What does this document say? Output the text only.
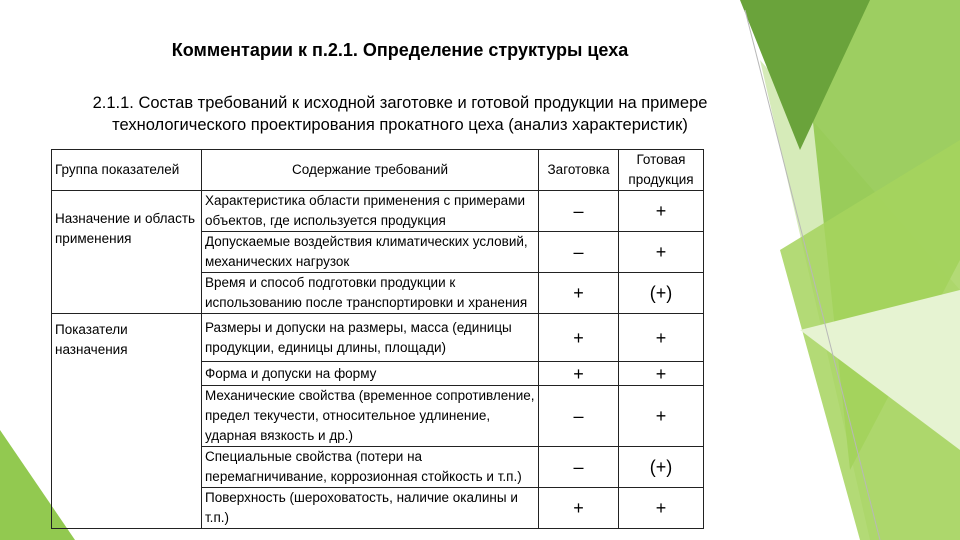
Комментарии к п.2.1. Определение структуры цеха
2.1.1. Состав требований к исходной заготовке и готовой продукции на примере технологического проектирования прокатного цеха (анализ характеристик)
Группа показателей	Содержание требований	Заготовка	Готовая продукция
Назначение и область применения	Характеристика области применения с примерами объектов, где используется продукция	–	+
	Допускаемые воздействия климатических условий, механических нагрузок	–	+
	Время и способ подготовки продукции к использованию после транспортировки и хранения	+	(+)
Показатели назначения	Размеры и допуски на размеры, масса (единицы продукции, единицы длины, площади)	+	+
	Форма и допуски на форму	+	+
	Механические свойства (временное сопротивление, предел текучести, относительное удлинение, ударная вязкость и др.)	–	+
	Специальные свойства (потери на перемагничивание, коррозионная стойкость и т.п.)	–	(+)
	Поверхность (шероховатость, наличие окалины и т.п.)	+	+
